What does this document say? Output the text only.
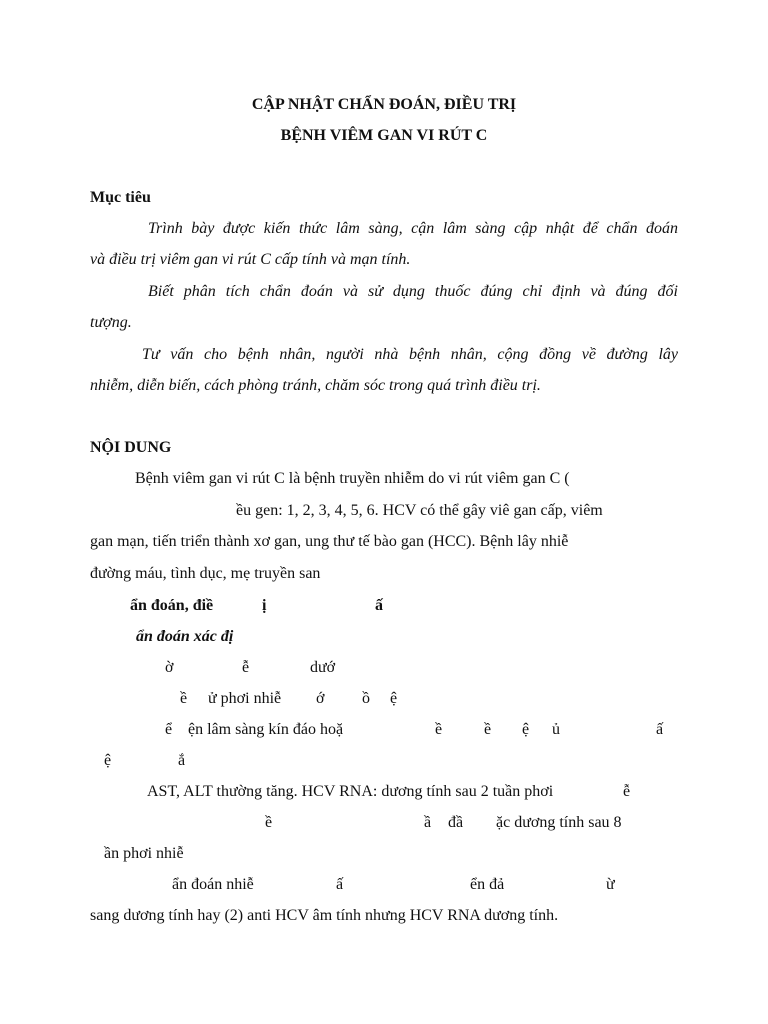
CẬP NHẬT CHẨN ĐOÁN, ĐIỀU TRỊ
BỆNH VIÊM GAN VI RÚT C
Mục tiêu
Trình bày được kiến thức lâm sàng, cận lâm sàng cập nhật để chẩn đoán
và điều trị viêm gan vi rút C cấp tính và mạn tính.
Biết phân tích chẩn đoán và sử dụng thuốc đúng chỉ định và đúng đối
tượng.
Tư vấn cho bệnh nhân, người nhà bệnh nhân, cộng đồng về đường lây
nhiễm, diễn biến, cách phòng tránh, chăm sóc trong quá trình điều trị.
NỘI DUNG
Bệnh viêm gan vi rút C là bệnh truyền nhiễm do vi rút viêm gan C (
ều gen: 1, 2, 3, 4, 5, 6. HCV có thể gây viê gan cấp, viêm
gan mạn, tiến triển thành xơ gan, ung thư tế bào gan (HCC). Bệnh lây nhiễ
đường máu, tình dục, mẹ truyền san
ẩn đoán, điề	ị	ấ
ẩn đoán xác đị
ờ	ễ	dướ
ề ử phơi nhiễ ớ ồ ệ
ể ện lâm sàng kín đáo hoặ	ề	ề ệ ủ	ấ
ệ	ắ
AST, ALT thường tăng. HCV RNA: dương tính sau 2 tuần phơi	ễ
ề	ầ đầ ặc dương tính sau 8
ần phơi nhiễ
ẩn đoán nhiễ	ấ	ển đả	ừ
sang dương tính hay (2) anti HCV âm tính nhưng HCV RNA dương tính.
